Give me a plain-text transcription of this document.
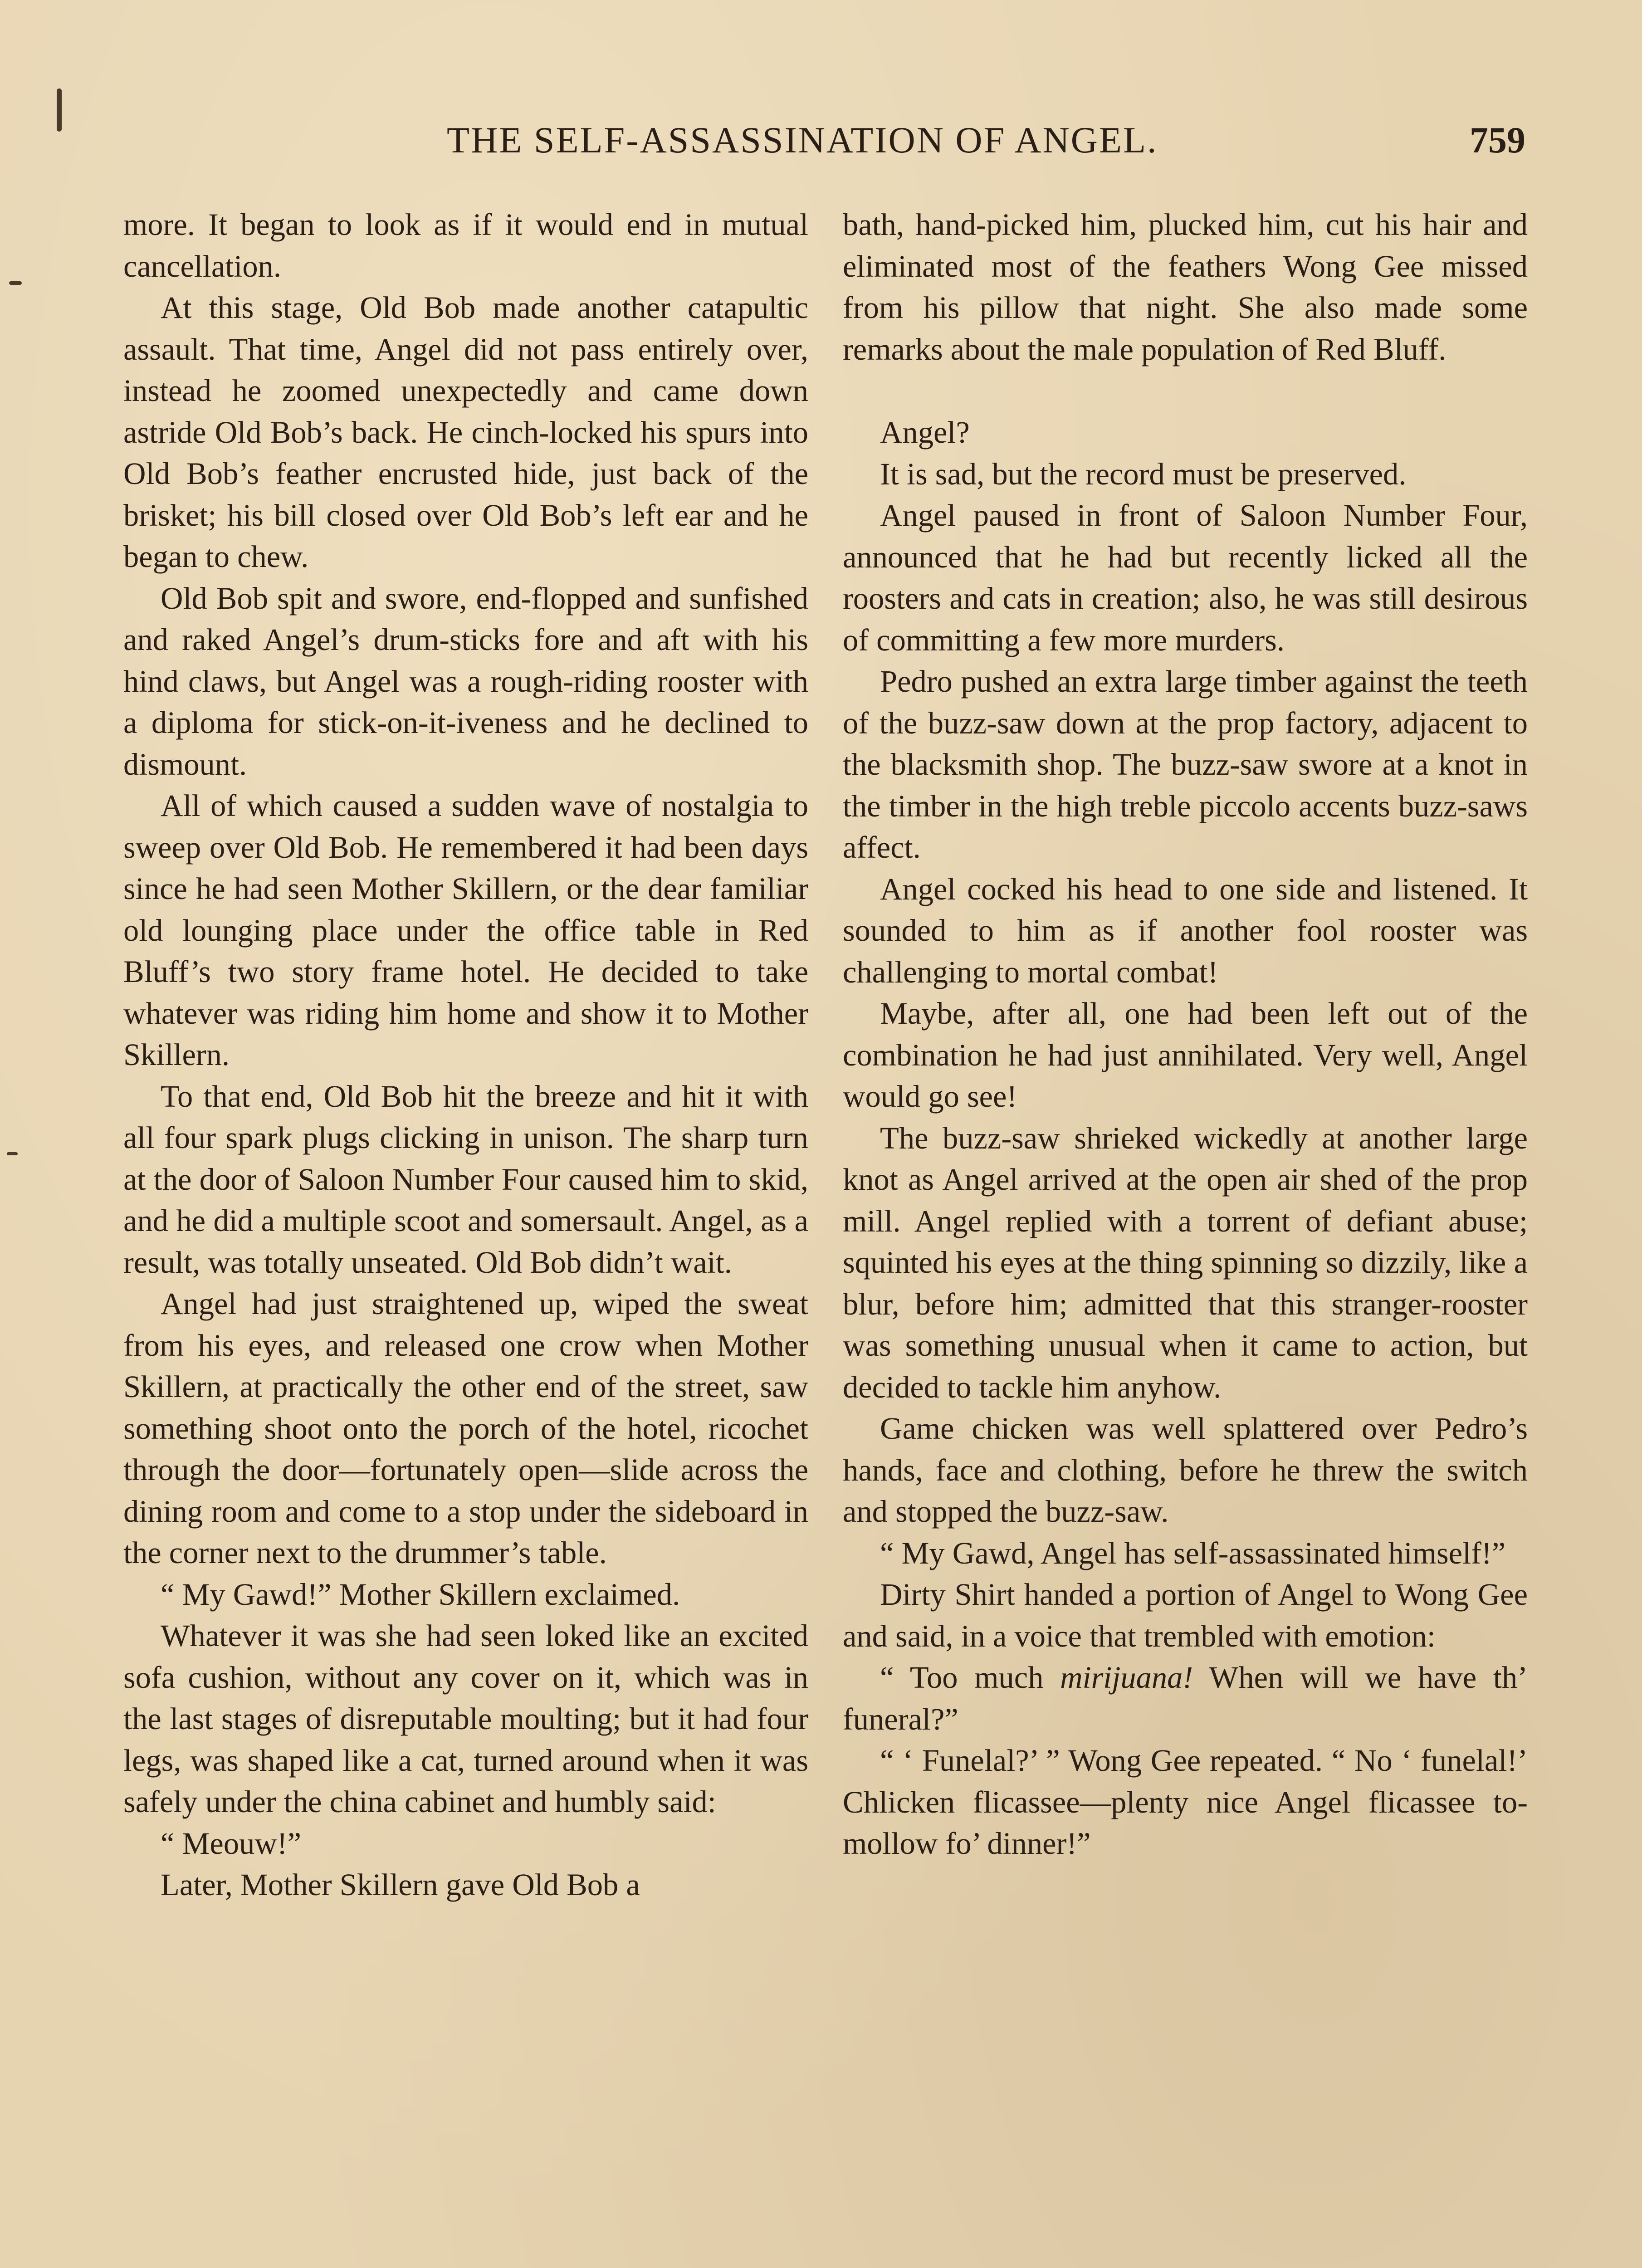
THE SELF-ASSASSINATION OF ANGEL.	759

more. It began to look as if it would end in mutual cancellation.

At this stage, Old Bob made another catapultic assault. That time, Angel did not pass entirely over, instead he zoomed unexpectedly and came down astride Old Bob’s back. He cinch-locked his spurs into Old Bob’s feather encrusted hide, just back of the brisket; his bill closed over Old Bob’s left ear and he began to chew.

Old Bob spit and swore, end-flopped and sunfished and raked Angel’s drum-sticks fore and aft with his hind claws, but Angel was a rough-riding rooster with a diploma for stick-on-it-iveness and he declined to dismount.

All of which caused a sudden wave of nostalgia to sweep over Old Bob. He remembered it had been days since he had seen Mother Skillern, or the dear familiar old lounging place under the office table in Red Bluff’s two story frame hotel. He decided to take whatever was riding him home and show it to Mother Skillern.

To that end, Old Bob hit the breeze and hit it with all four spark plugs clicking in unison. The sharp turn at the door of Saloon Number Four caused him to skid, and he did a multiple scoot and somersault. Angel, as a result, was totally unseated. Old Bob didn’t wait.

Angel had just straightened up, wiped the sweat from his eyes, and released one crow when Mother Skillern, at practically the other end of the street, saw something shoot onto the porch of the hotel, ricochet through the door—fortunately open—slide across the dining room and come to a stop under the sideboard in the corner next to the drummer’s table.

“ My Gawd!” Mother Skillern exclaimed.

Whatever it was she had seen loked like an excited sofa cushion, without any cover on it, which was in the last stages of disreputable moulting; but it had four legs, was shaped like a cat, turned around when it was safely under the china cabinet and humbly said:

“ Meouw!”

Later, Mother Skillern gave Old Bob a

bath, hand-picked him, plucked him, cut his hair and eliminated most of the feathers Wong Gee missed from his pillow that night. She also made some remarks about the male population of Red Bluff.

Angel?

It is sad, but the record must be preserved.

Angel paused in front of Saloon Number Four, announced that he had but recently licked all the roosters and cats in creation; also, he was still desirous of committing a few more murders.

Pedro pushed an extra large timber against the teeth of the buzz-saw down at the prop factory, adjacent to the blacksmith shop. The buzz-saw swore at a knot in the timber in the high treble piccolo accents buzz-saws affect.

Angel cocked his head to one side and listened. It sounded to him as if another fool rooster was challenging to mortal combat!

Maybe, after all, one had been left out of the combination he had just annihilated. Very well, Angel would go see!

The buzz-saw shrieked wickedly at another large knot as Angel arrived at the open air shed of the prop mill. Angel replied with a torrent of defiant abuse; squinted his eyes at the thing spinning so dizzily, like a blur, before him; admitted that this stranger-rooster was something unusual when it came to action, but decided to tackle him anyhow.

Game chicken was well splattered over Pedro’s hands, face and clothing, before he threw the switch and stopped the buzz-saw.

“ My Gawd, Angel has self-assassinated himself!”

Dirty Shirt handed a portion of Angel to Wong Gee and said, in a voice that trembled with emotion:

“ Too much mirijuana! When will we have th’ funeral?”

“ ‘ Funelal?’ ” Wong Gee repeated. “ No ‘ funelal!’ Chlicken flicassee—plenty nice Angel flicassee to-mollow fo’ dinner!”
